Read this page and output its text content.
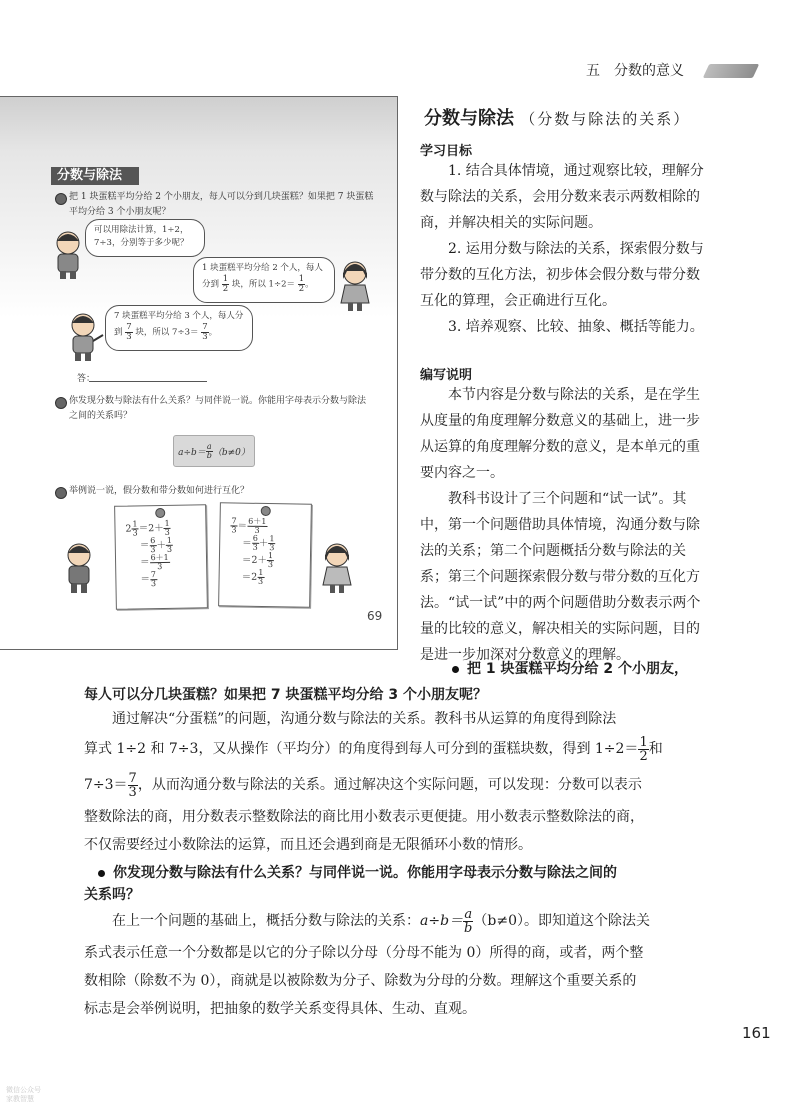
五　分数的意义
分数与除法
把 1 块蛋糕平均分给 2 个小朋友，每人可以分到几块蛋糕？如果把 7 块蛋糕平均分给 3 个小朋友呢？
可以用除法计算，1÷2，
7÷3，分别等于多少呢？
1 块蛋糕平均分给 2 个人，每人
分到 $\frac{1}{2}$ 块，所以 $1\div 2= \frac{1}{2}$ 。
7 块蛋糕平均分给 3 个人，每人分
到 $\frac{7}{3}$ 块，所以 $7\div 3= \frac{7}{3}$ 。
答：
你发现分数与除法有什么关系？与同伴说一说。你能用字母表示分数与除法之间的关系吗？
$a\div b= \frac{a}{b} (b\ne 0)$
举例说一说，假分数和带分数如何进行互化？
$2 \frac{1}{3} =2+ \frac{1}{3}$
＝ $\frac{6}{3} + \frac{1}{3}$
＝ $\frac{6+1}{3}$
＝ $\frac{7}{3}$
$\frac{7}{3} = \frac{6+1}{3}$
＝ $\frac{6}{3} + \frac{1}{3}$
$=2+ \frac{1}{3}$
$=2 \frac{1}{3}$
69
分数与除法 （分数与除法的关系）
学习目标

1. 结合具体情境，通过观察比较，理解分数与除法的关系，会用分数来表示两数相除的商，并解决相关的实际问题。

2. 运用分数与除法的关系，探索假分数与带分数的互化方法，初步体会假分数与带分数互化的算理，会正确进行互化。

3. 培养观察、比较、抽象、概括等能力。

编写说明

本节内容是分数与除法的关系，是在学生从度量的角度理解分数意义的基础上，进一步从运算的角度理解分数的意义，是本单元的重要内容之一。

教科书设计了三个问题和“试一试”。其中，第一个问题借助具体情境，沟通分数与除法的关系；第二个问题概括分数与除法的关系；第三个问题探索假分数与带分数的互化方法。“试一试”中的两个问题借助分数表示两个量的比较的意义，解决相关的实际问题，目的是进一步加深对分数意义的理解。

把 1 块蛋糕平均分给 2 个小朋友，
每人可以分几块蛋糕？如果把 7 块蛋糕平均分给 3 个小朋友呢？
通过解决“分蛋糕”的问题，沟通分数与除法的关系。教科书从运算的角度得到除法
算式 1÷2 和 7÷3，又从操作（平均分）的角度得到每人可分到的蛋糕块数，得到 $1\div 2= \frac{1}{2}$ 和
$7\div 3= \frac{7}{3}$ ，从而沟通分数与除法的关系。通过解决这个实际问题，可以发现：分数可以表示
整数除法的商，用分数表示整数除法的商比用小数表示更便捷。用小数表示整数除法的商，
不仅需要经过小数除法的运算，而且还会遇到商是无限循环小数的情形。
你发现分数与除法有什么关系？与同伴说一说。你能用字母表示分数与除法之间的
关系吗？
在上一个问题的基础上，概括分数与除法的关系：$a\div b= \frac{a}{b} (b\ne 0)$。即知道这个除法关
系式表示任意一个分数都是以它的分子除以分母（分母不能为 0）所得的商，或者，两个整
数相除（除数不为 0），商就是以被除数为分子、除数为分母的分数。理解这个重要关系的
标志是会举例说明，把抽象的数学关系变得具体、生动、直观。
161
微信公众号
家教智慧
